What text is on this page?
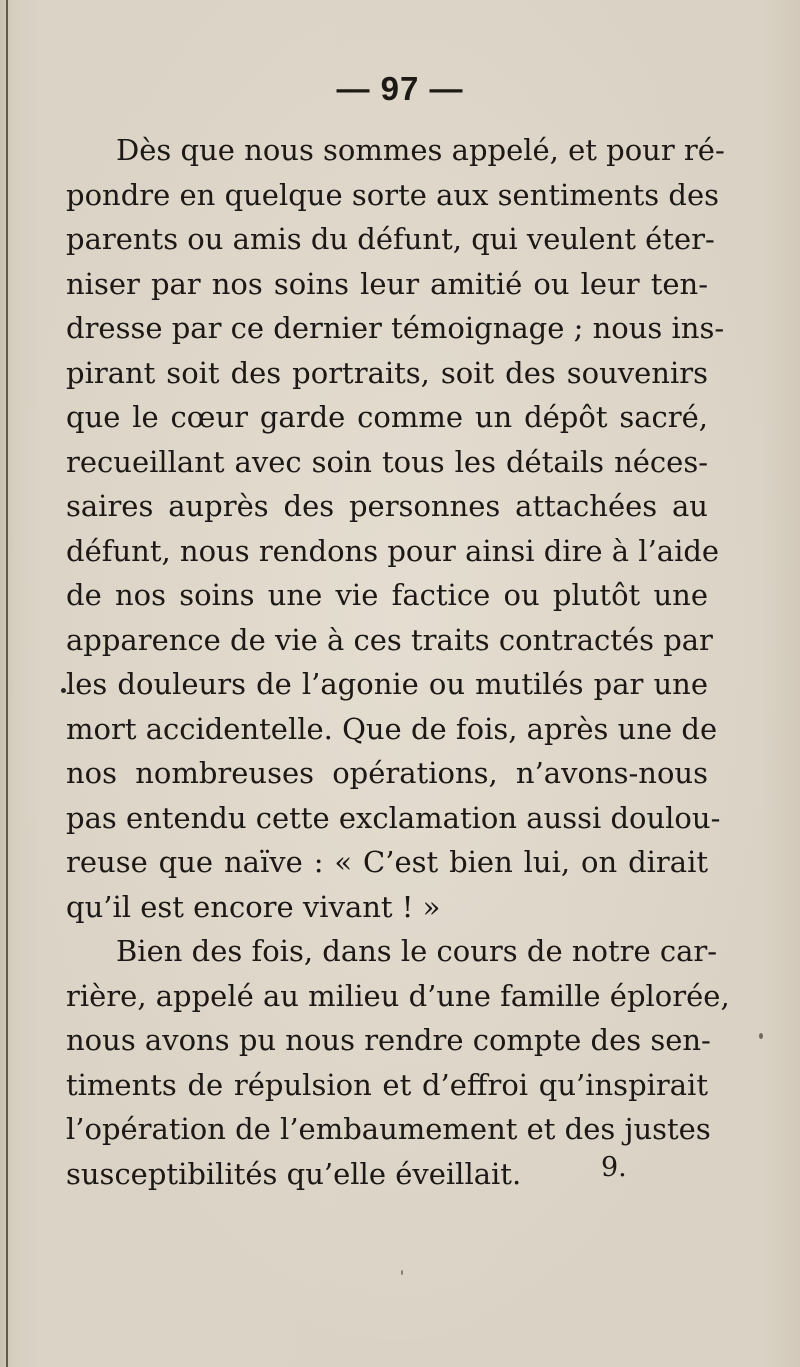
— 97 —
Dès que nous sommes appelé, et pour ré-
pondre en quelque sorte aux sentiments des
parents ou amis du défunt, qui veulent éter-
niser par nos soins leur amitié ou leur ten-
dresse par ce dernier témoignage ; nous ins-
pirant soit des portraits, soit des souvenirs
que le cœur garde comme un dépôt sacré,
recueillant avec soin tous les détails néces-
saires auprès des personnes attachées au
défunt, nous rendons pour ainsi dire à l’aide
de nos soins une vie factice ou plutôt une
apparence de vie à ces traits contractés par
les douleurs de l’agonie ou mutilés par une
mort accidentelle. Que de fois, après une de
nos nombreuses opérations, n’avons-nous
pas entendu cette exclamation aussi doulou-
reuse que naïve : « C’est bien lui, on dirait
qu’il est encore vivant ! »
Bien des fois, dans le cours de notre car-
rière, appelé au milieu d’une famille éplorée,
nous avons pu nous rendre compte des sen-
timents de répulsion et d’effroi qu’inspirait
l’opération de l’embaumement et des justes
susceptibilités qu’elle éveillait.	9.
